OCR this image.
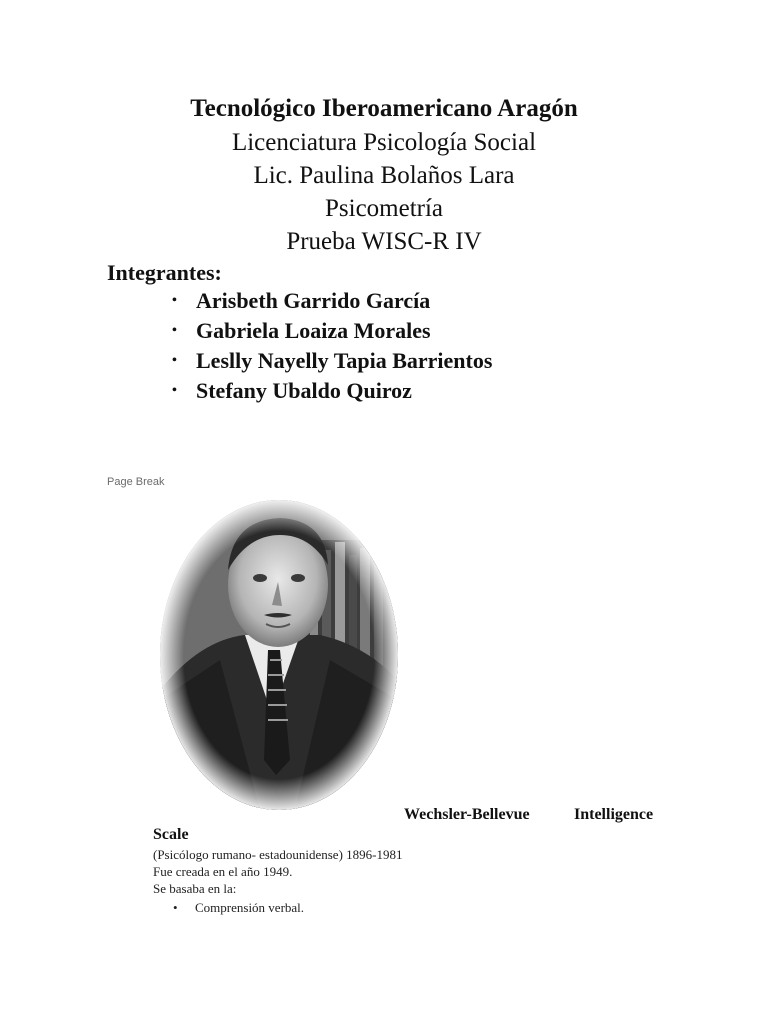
Tecnológico Iberoamericano Aragón

Licenciatura Psicología Social

Lic. Paulina Bolaños Lara

Psicometría

Prueba WISC-R IV

Integrantes:

• Arisbeth Garrido García
• Gabriela Loaiza Morales
• Leslly Nayelly Tapia Barrientos
• Stefany Ubaldo Quiroz
Page Break
Wechsler-Bellevue	Intelligence
Scale
(Psicólogo rumano- estadounidense) 1896-1981
Fue creada en el año 1949.
Se basaba en la:
•	Comprensión verbal.
